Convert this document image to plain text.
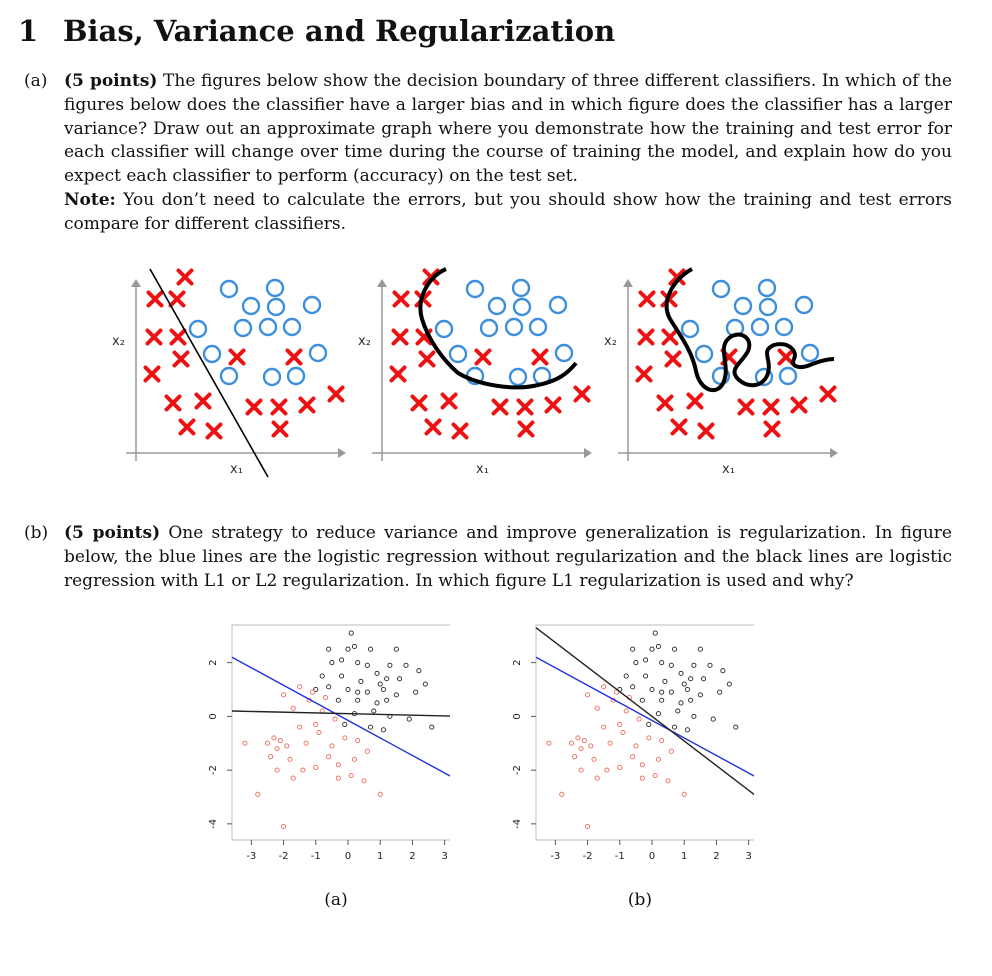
1 Bias, Variance and Regularization
(a) (5 points) The figures below show the decision boundary of three different classifiers. In which of the figures below does the classifier have a larger bias and in which figure does the classifier has a larger variance? Draw out an approximate graph where you demonstrate how the training and test error for each classifier will change over time during the course of training the model, and explain how do you expect each classifier to perform (accuracy) on the test set.
Note: You don’t need to calculate the errors, but you should show how the training and test errors compare for different classifiers.
x₂
x₁
x₂
x₁
x₂
x₁
(b) (5 points) One strategy to reduce variance and improve generalization is regularization. In figure below, the blue lines are the logistic regression without regularization and the black lines are logistic regression with L1 or L2 regularization. In which figure L1 regularization is used and why?
-3 -2 -1 0	1	2	3
-4
-2
0
2
(a)
-3 -2 -1 0	1	2	3
-4
-2
0
2
(b)
